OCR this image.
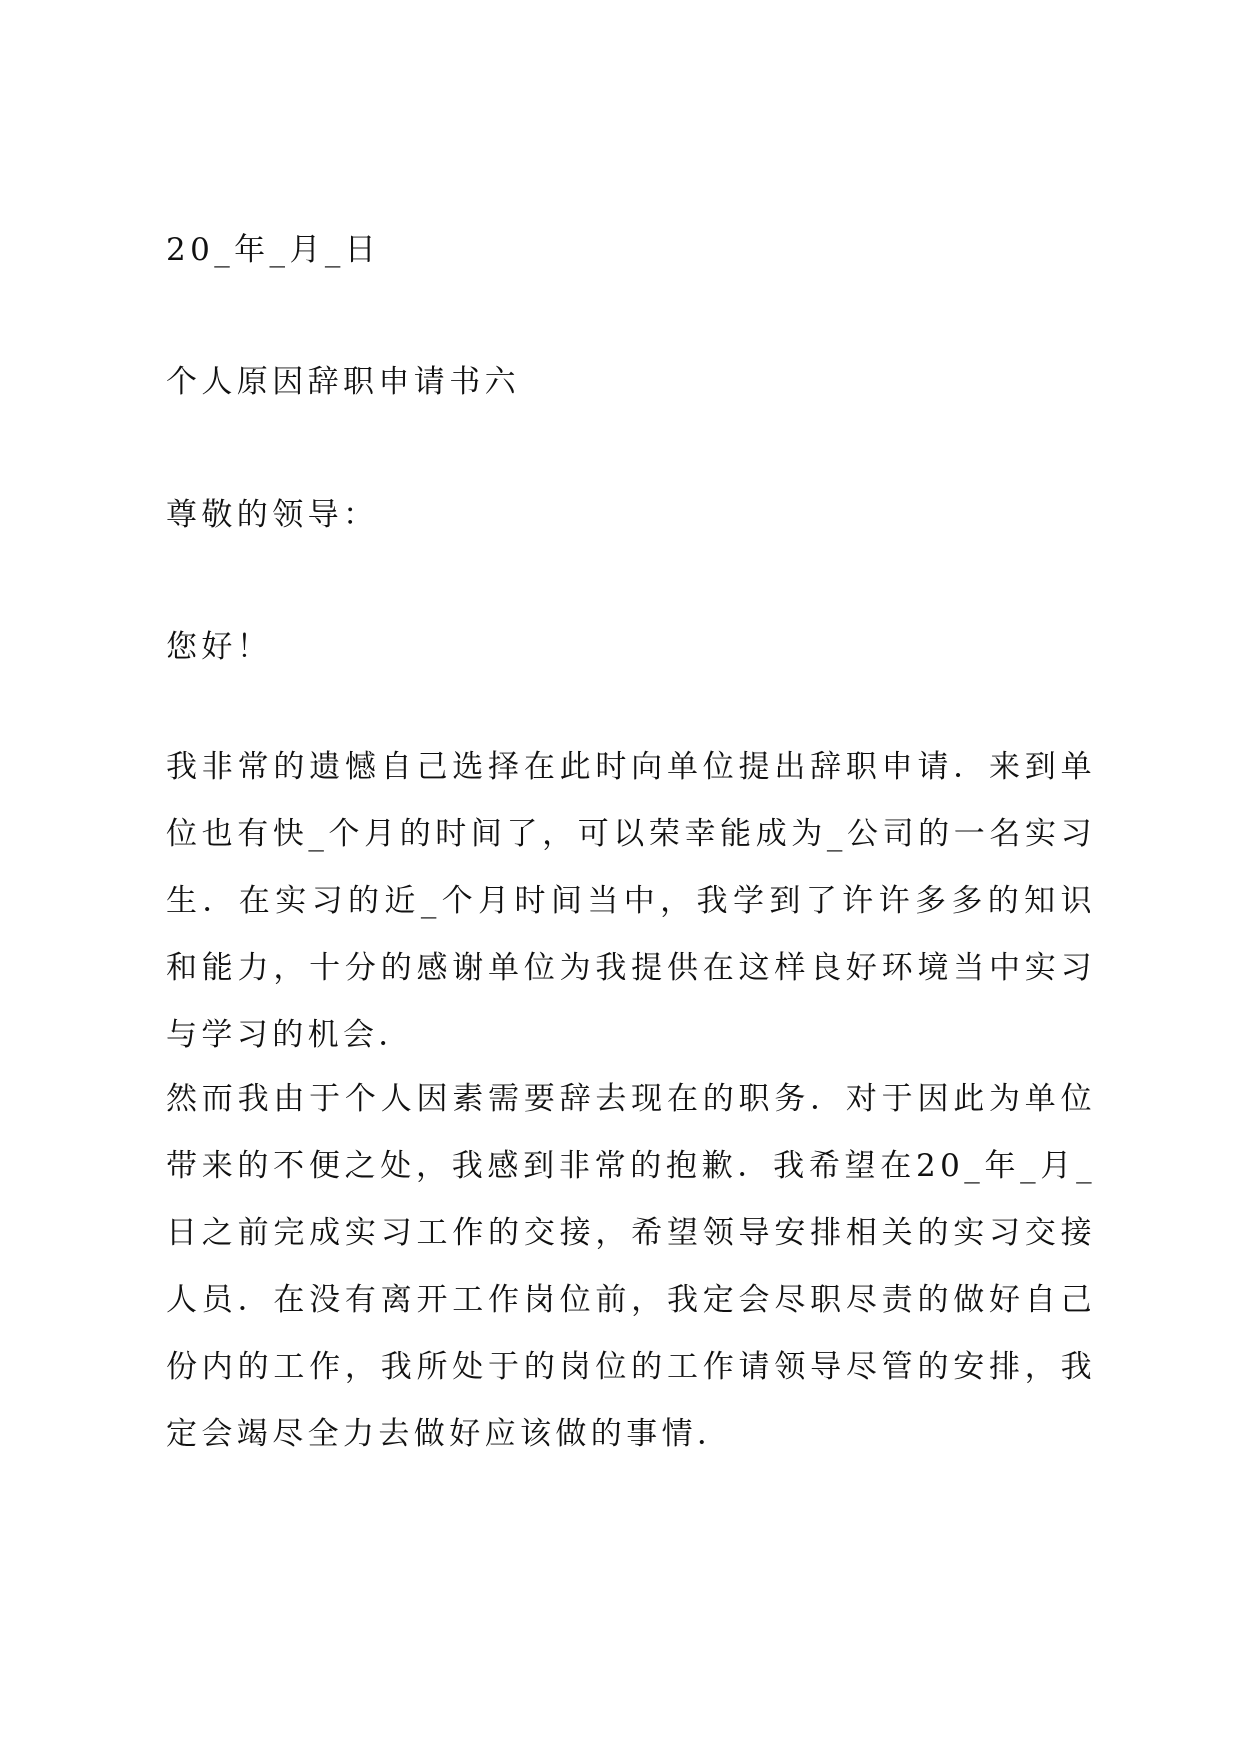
20_年_月_日
个人原因辞职申请书六
尊敬的领导：
您好！
我非常的遗憾自己选择在此时向单位提出辞职申请．来到单位也有快_个月的时间了，可以荣幸能成为_公司的一名实习生．在实习的近_个月时间当中，我学到了许许多多的知识和能力，十分的感谢单位为我提供在这样良好环境当中实习与学习的机会．
然而我由于个人因素需要辞去现在的职务．对于因此为单位带来的不便之处，我感到非常的抱歉．我希望在20_年_月_日之前完成实习工作的交接，希望领导安排相关的实习交接人员．在没有离开工作岗位前，我定会尽职尽责的做好自己份内的工作，我所处于的岗位的工作请领导尽管的安排，我定会竭尽全力去做好应该做的事情．
